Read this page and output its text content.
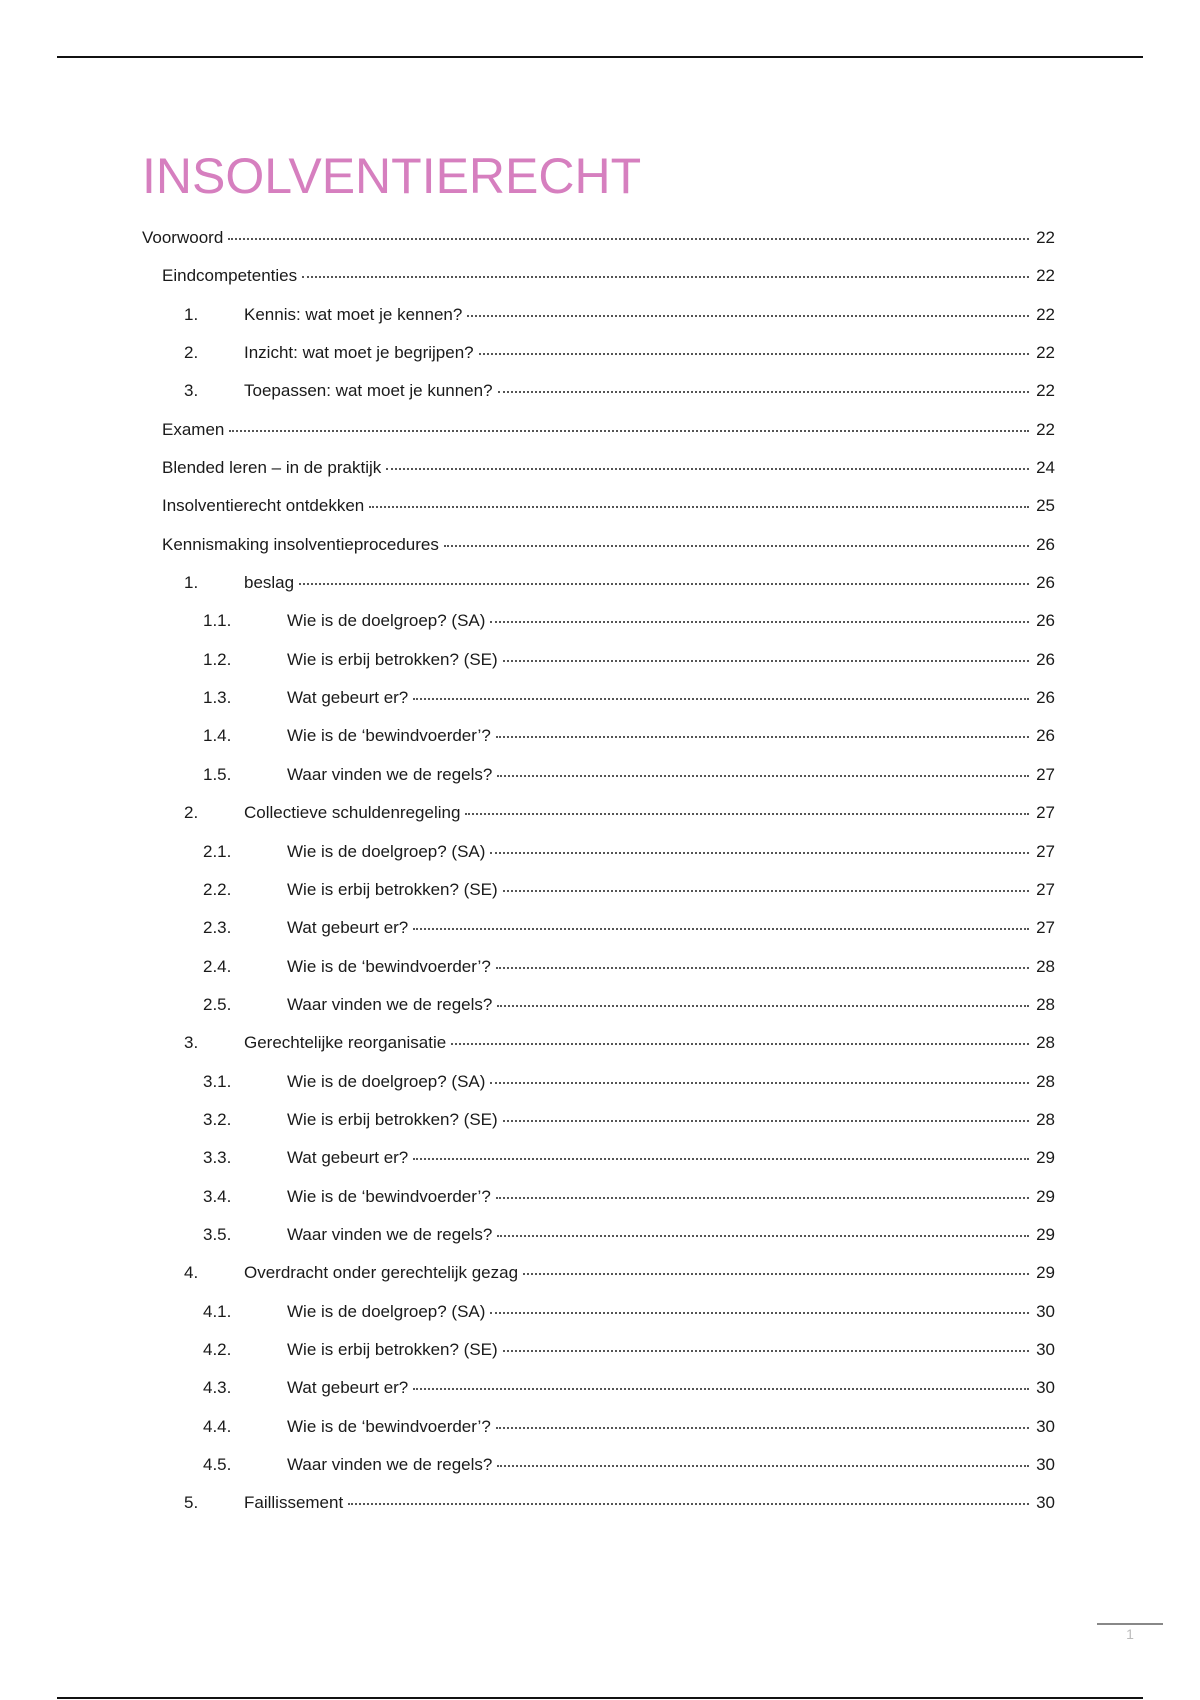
INSOLVENTIERECHT
Voorwoord	22
Eindcompetenties	22
1.	Kennis: wat moet je kennen?	22
2.	Inzicht: wat moet je begrijpen?	22
3.	Toepassen: wat moet je kunnen?	22
Examen	22
Blended leren – in de praktijk	24
Insolventierecht ontdekken	25
Kennismaking insolventieprocedures	26
1.	beslag	26
1.1.	Wie is de doelgroep? (SA)	26
1.2.	Wie is erbij betrokken? (SE)	26
1.3.	Wat gebeurt er?	26
1.4.	Wie is de ‘bewindvoerder’?	26
1.5.	Waar vinden we de regels?	27
2.	Collectieve schuldenregeling	27
2.1.	Wie is de doelgroep? (SA)	27
2.2.	Wie is erbij betrokken? (SE)	27
2.3.	Wat gebeurt er?	27
2.4.	Wie is de ‘bewindvoerder’?	28
2.5.	Waar vinden we de regels?	28
3.	Gerechtelijke reorganisatie	28
3.1.	Wie is de doelgroep? (SA)	28
3.2.	Wie is erbij betrokken? (SE)	28
3.3.	Wat gebeurt er?	29
3.4.	Wie is de ‘bewindvoerder’?	29
3.5.	Waar vinden we de regels?	29
4.	Overdracht onder gerechtelijk gezag	29
4.1.	Wie is de doelgroep? (SA)	30
4.2.	Wie is erbij betrokken? (SE)	30
4.3.	Wat gebeurt er?	30
4.4.	Wie is de ‘bewindvoerder’?	30
4.5.	Waar vinden we de regels?	30
5.	Faillissement	30
1
